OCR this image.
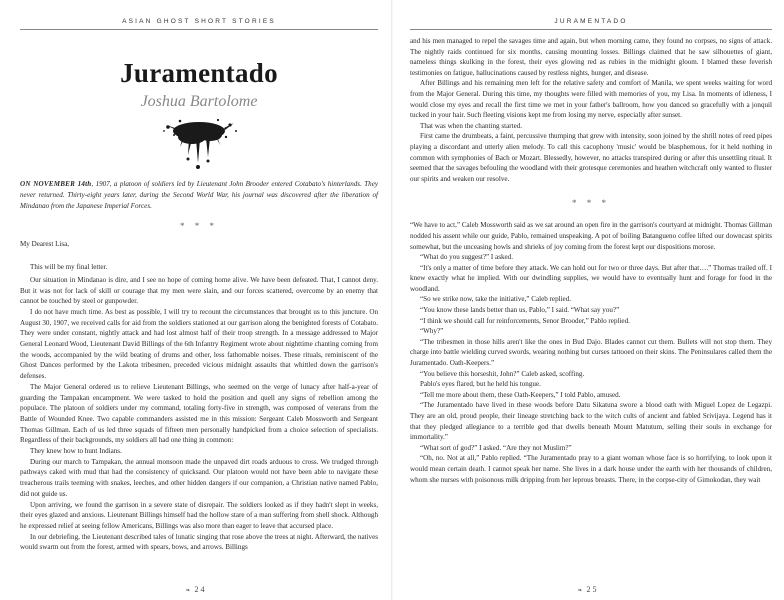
ASIAN GHOST SHORT STORIES
Juramentado
Joshua Bartolome

ON NOVEMBER 14th, 1907, a platoon of soldiers led by Lieutenant John Brooder entered Cotabato's hinterlands. They never returned. Thirty-eight years later, during the Second World War, his journal was discovered after the liberation of Mindanao from the Japanese Imperial Forces.

* * *

My Dearest Lisa,

This will be my final letter.

Our situation in Mindanao is dire, and I see no hope of coming home alive. We have been defeated. That, I cannot deny. But it was not for lack of skill or courage that my men were slain, and our forces scattered, overcome by an enemy that cannot be touched by steel or gunpowder.

I do not have much time. As best as possible, I will try to recount the circumstances that brought us to this juncture. On August 30, 1907, we received calls for aid from the soldiers stationed at our garrison along the benighted forests of Cotabato. They were under constant, nightly attack and had lost almost half of their troop strength. In a message addressed to Major General Leonard Wood, Lieutenant David Billings of the 6th Infantry Regiment wrote about nighttime chanting coming from the woods, accompanied by the wild beating of drums and other, less fathomable noises. These rituals, reminiscent of the Ghost Dances performed by the Lakota tribesmen, preceded vicious midnight assaults that whittled down the garrison's defenses.

The Major General ordered us to relieve Lieutenant Billings, who seemed on the verge of lunacy after half-a-year of guarding the Tampakan encampment. We were tasked to hold the position and quell any signs of rebellion among the populace. The platoon of soldiers under my command, totaling forty-five in strength, was composed of veterans from the Battle of Wounded Knee. Two capable commanders assisted me in this mission: Sergeant Caleb Mossworth and Sergeant Thomas Gillman. Each of us led three squads of fifteen men personally handpicked from a choice selection of specialists. Regardless of their backgrounds, my soldiers all had one thing in common:

They knew how to hunt Indians.

During our march to Tampakan, the annual monsoon made the unpaved dirt roads arduous to cross. We trudged through pathways caked with mud that had the consistency of quicksand. Our platoon would not have been able to navigate these treacherous trails teeming with snakes, leeches, and other hidden dangers if our companion, a Christian native named Pablo, did not guide us.

Upon arriving, we found the garrison in a severe state of disrepair. The soldiers looked as if they hadn't slept in weeks, their eyes glazed and anxious. Lieutenant Billings himself had the hollow stare of a man suffering from shell shock. Although he expressed relief at seeing fellow Americans, Billings was also more than eager to leave that accursed place.

In our debriefing, the Lieutenant described tales of lunatic singing that rose above the trees at night. Afterward, the natives would swarm out from the forest, armed with spears, bows, and arrows. Billings

❧ 24
JURAMENTADO

and his men managed to repel the savages time and again, but when morning came, they found no corpses, no signs of attack. The nightly raids continued for six months, causing mounting losses. Billings claimed that he saw silhouettes of giant, nameless things skulking in the forest, their eyes glowing red as rubies in the midnight gloom. I blamed these feverish testimonies on fatigue, hallucinations caused by restless nights, hunger, and disease.

After Billings and his remaining men left for the relative safety and comfort of Manila, we spent weeks waiting for word from the Major General. During this time, my thoughts were filled with memories of you, my Lisa. In moments of idleness, I would close my eyes and recall the first time we met in your father's ballroom, how you danced so gracefully with a jonquil tucked in your hair. Such fleeting visions kept me from losing my nerve, especially after sunset.

That was when the chanting started.

First came the drumbeats, a faint, percussive thumping that grew with intensity, soon joined by the shrill notes of reed pipes playing a discordant and utterly alien melody. To call this cacophony 'music' would be blasphemous, for it held nothing in common with symphonies of Bach or Mozart. Blessedly, however, no attacks transpired during or after this unsettling ritual. It seemed that the savages befouling the woodland with their grotesque ceremonies and heathen witchcraft only wanted to fluster our spirits and weaken our resolve.

* * *

“We have to act,” Caleb Mossworth said as we sat around an open fire in the garrison's courtyard at midnight. Thomas Gillman nodded his assent while our guide, Pablo, remained unspeaking. A pot of boiling Batangueno coffee lifted our downcast spirits somewhat, but the unceasing howls and shrieks of joy coming from the forest kept our dispositions morose.

“What do you suggest?” I asked.

“It's only a matter of time before they attack. We can hold out for two or three days. But after that….” Thomas trailed off. I knew exactly what he implied. With our dwindling supplies, we would have to eventually hunt and forage for food in the woodland.

“So we strike now, take the initiative,” Caleb replied.

“You know these lands better than us, Pablo,” I said. “What say you?”

“I think we should call for reinforcements, Senor Brooder,” Pablo replied.

“Why?”

“The tribesmen in those hills aren't like the ones in Bud Dajo. Blades cannot cut them. Bullets will not stop them. They charge into battle wielding curved swords, wearing nothing but curses tattooed on their skins. The Peninsulares called them the Juramentado. Oath-Keepers.”

“You believe this horseshit, John?” Caleb asked, scoffing.

Pablo's eyes flared, but he held his tongue.

“Tell me more about them, these Oath-Keepers,” I told Pablo, amused.

“The Juramentado have lived in these woods before Datu Sikatuna swore a blood oath with Miguel Lopez de Legazpi. They are an old, proud people, their lineage stretching back to the witch cults of ancient and fabled Srivijaya. Legend has it that they pledged allegiance to a terrible god that dwells beneath Mount Matutum, selling their souls in exchange for immortality.”

“What sort of god?” I asked. “Are they not Muslim?”

“Oh, no. Not at all,” Pablo replied. “The Juramentado pray to a giant woman whose face is so horrifying, to look upon it would mean certain death. I cannot speak her name. She lives in a dark house under the earth with her thousands of children, whom she nurses with poisonous milk dripping from her leprous breasts. There, in the corpse-city of Gimokodan, they wait

❧ 25
